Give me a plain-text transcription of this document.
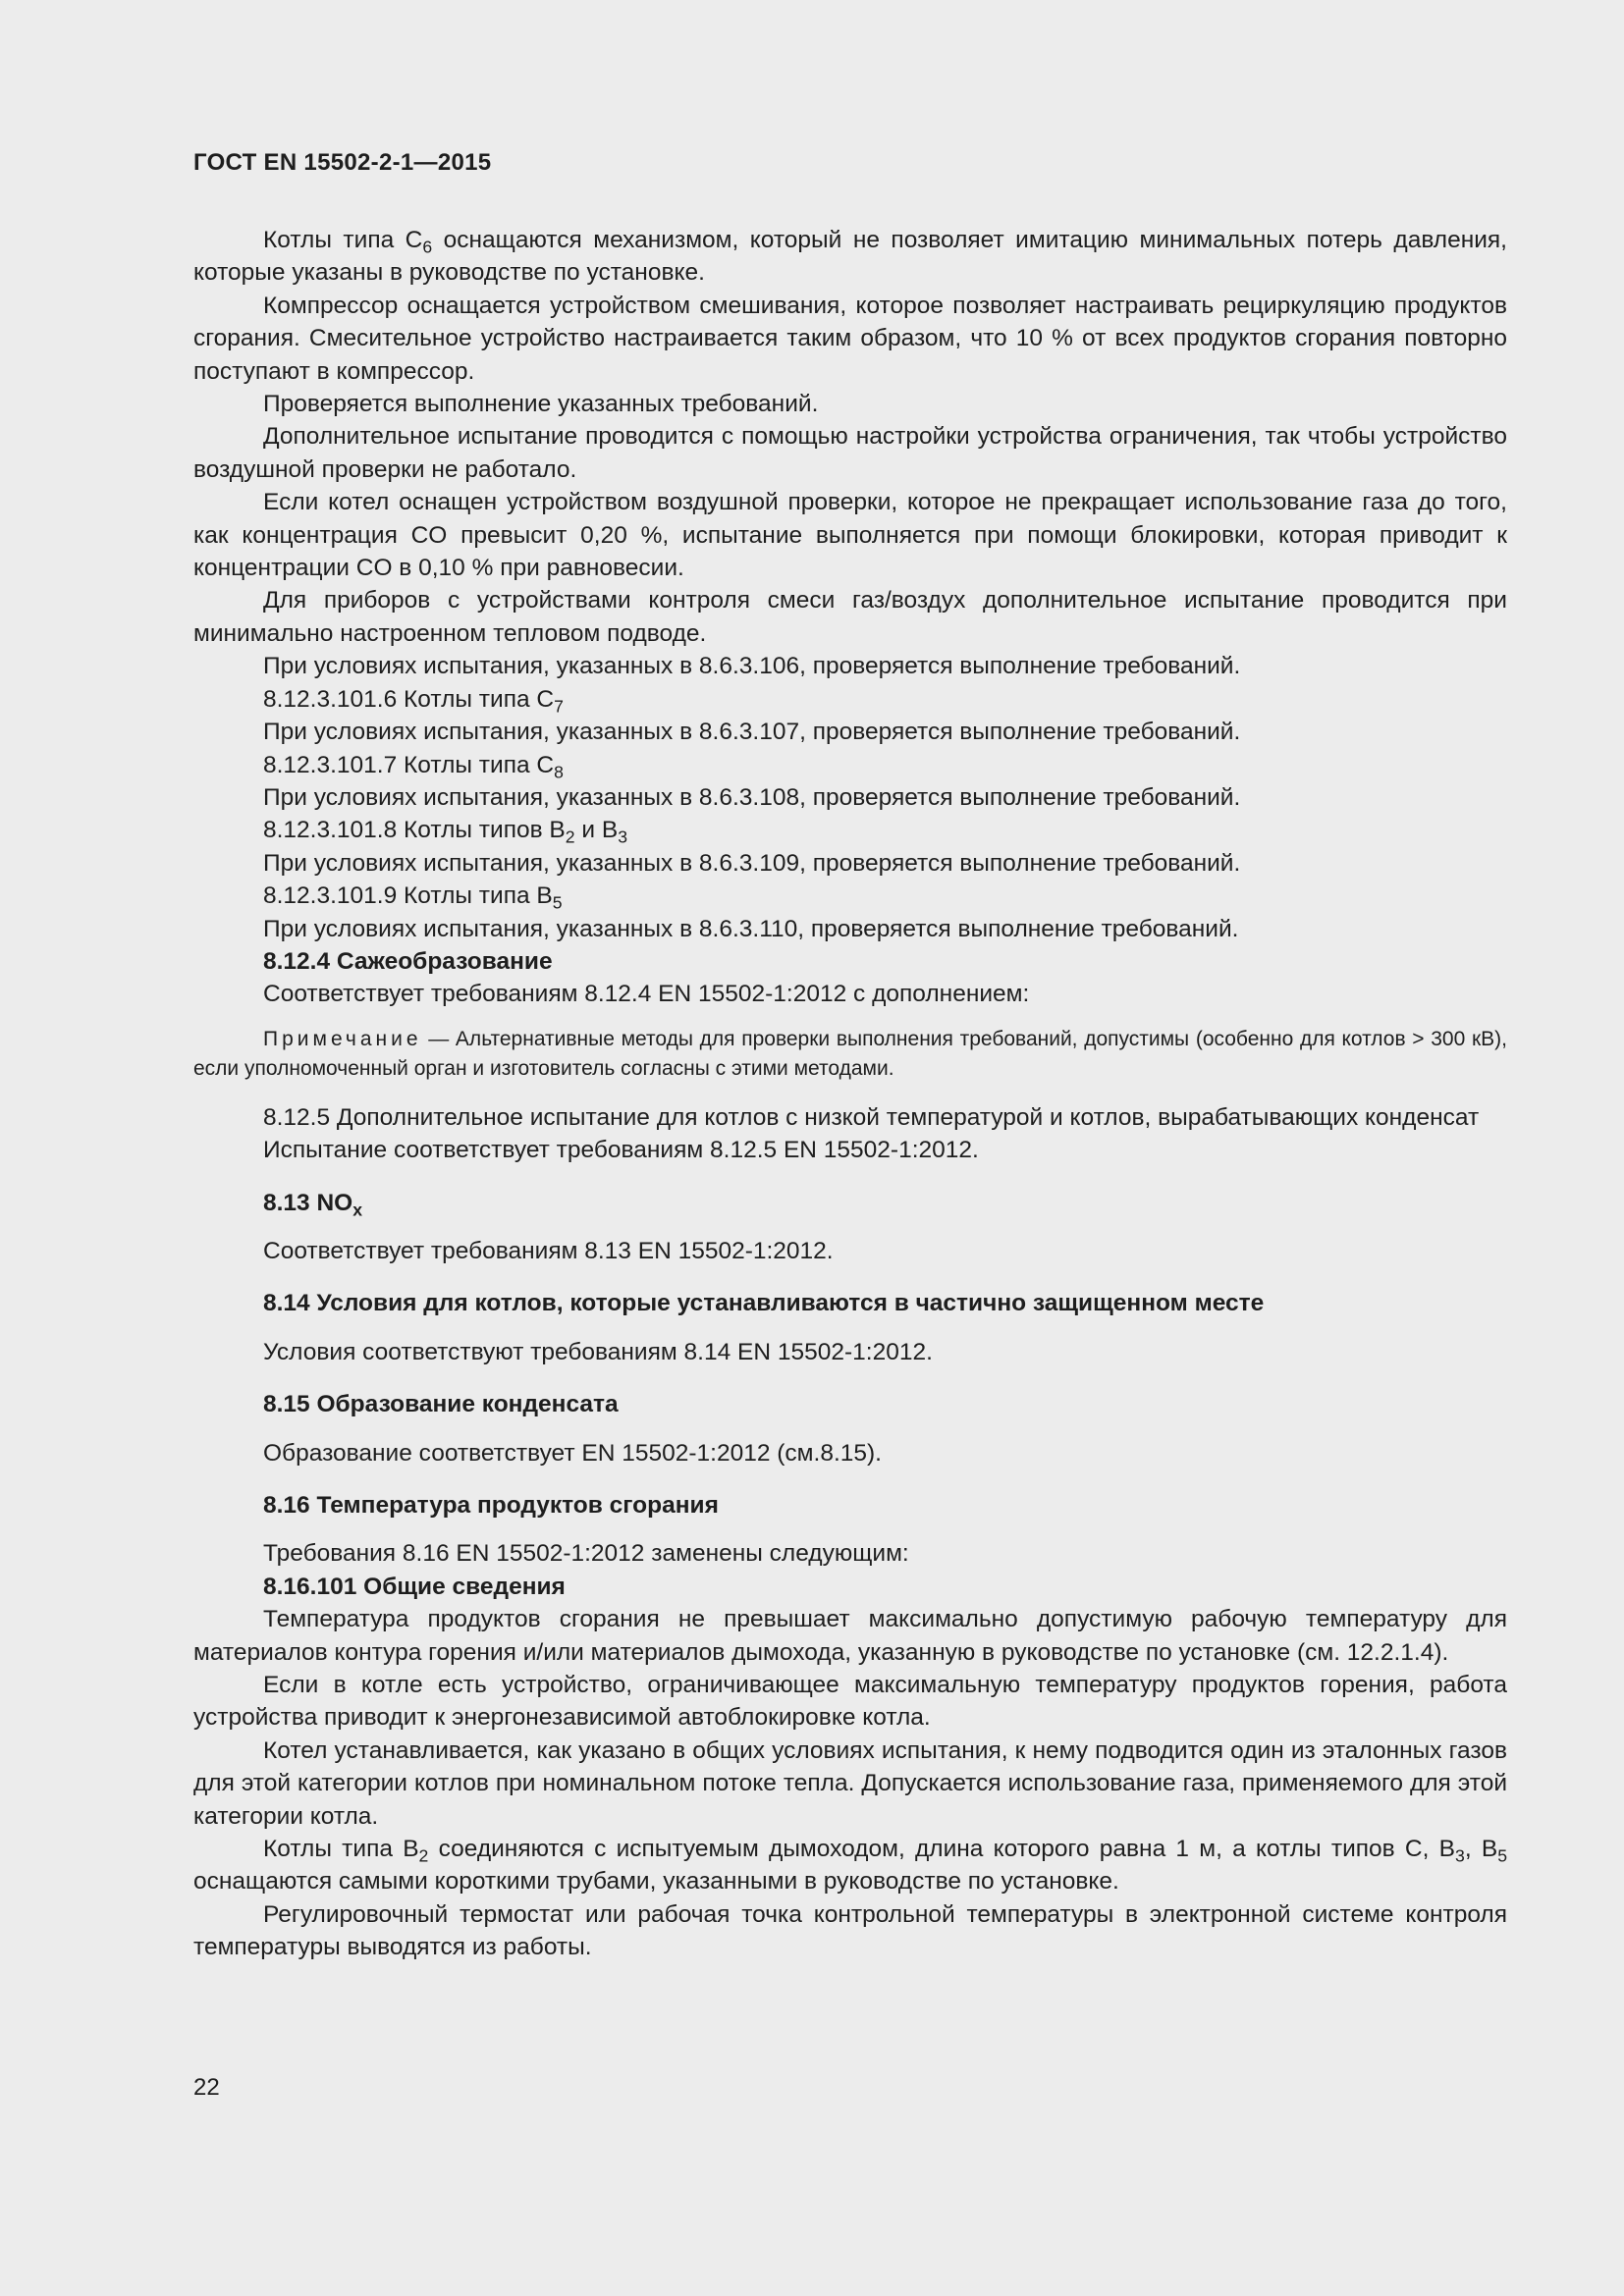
ГОСТ EN 15502-2-1—2015

Котлы типа $С_6$ оснащаются механизмом, который не позволяет имитацию минимальных потерь давления, которые указаны в руководстве по установке.

Компрессор оснащается устройством смешивания, которое позволяет настраивать рециркуляцию продуктов сгорания. Смесительное устройство настраивается таким образом, что 10 % от всех продуктов сгорания повторно поступают в компрессор.

Проверяется выполнение указанных требований.

Дополнительное испытание проводится с помощью настройки устройства ограничения, так чтобы устройство воздушной проверки не работало.

Если котел оснащен устройством воздушной проверки, которое не прекращает использование газа до того, как концентрация CO превысит 0,20 %, испытание выполняется при помощи блокировки, которая приводит к концентрации CO в 0,10 % при равновесии.

Для приборов с устройствами контроля смеси газ/воздух дополнительное испытание проводится при минимально настроенном тепловом подводе.

При условиях испытания, указанных в 8.6.3.106, проверяется выполнение требований.

8.12.3.101.6 Котлы типа $С_7$

При условиях испытания, указанных в 8.6.3.107, проверяется выполнение требований.

8.12.3.101.7 Котлы типа $С_8$

При условиях испытания, указанных в 8.6.3.108, проверяется выполнение требований.

8.12.3.101.8 Котлы типов $В_2$ и $В_3$

При условиях испытания, указанных в 8.6.3.109, проверяется выполнение требований.

8.12.3.101.9 Котлы типа $В_5$

При условиях испытания, указанных в 8.6.3.110, проверяется выполнение требований.

8.12.4 Сажеобразование

Соответствует требованиям 8.12.4 EN 15502-1:2012 с дополнением:

Примечание — Альтернативные методы для проверки выполнения требований, допустимы (особенно для котлов > 300 кВ), если уполномоченный орган и изготовитель согласны с этими методами.

8.12.5 Дополнительное испытание для котлов с низкой температурой и котлов, вырабатывающих конденсат

Испытание соответствует требованиям 8.12.5 EN 15502-1:2012.

8.13 $NO_x$

Соответствует требованиям 8.13 EN 15502-1:2012.

8.14 Условия для котлов, которые устанавливаются в частично защищенном месте

Условия соответствуют требованиям 8.14 EN 15502-1:2012.

8.15 Образование конденсата

Образование соответствует EN 15502-1:2012 (см.8.15).

8.16 Температура продуктов сгорания

Требования 8.16 EN 15502-1:2012 заменены следующим:

8.16.101 Общие сведения

Температура продуктов сгорания не превышает максимально допустимую рабочую температуру для материалов контура горения и/или материалов дымохода, указанную в руководстве по установке (см. 12.2.1.4).

Если в котле есть устройство, ограничивающее максимальную температуру продуктов горения, работа устройства приводит к энергонезависимой автоблокировке котла.

Котел устанавливается, как указано в общих условиях испытания, к нему подводится один из эталонных газов для этой категории котлов при номинальном потоке тепла. Допускается использование газа, применяемого для этой категории котла.

Котлы типа $В_2$ соединяются с испытуемым дымоходом, длина которого равна 1 м, а котлы типов С, $В_3$, $В_5$ оснащаются самыми короткими трубами, указанными в руководстве по установке.

Регулировочный термостат или рабочая точка контрольной температуры в электронной системе контроля температуры выводятся из работы.

22
